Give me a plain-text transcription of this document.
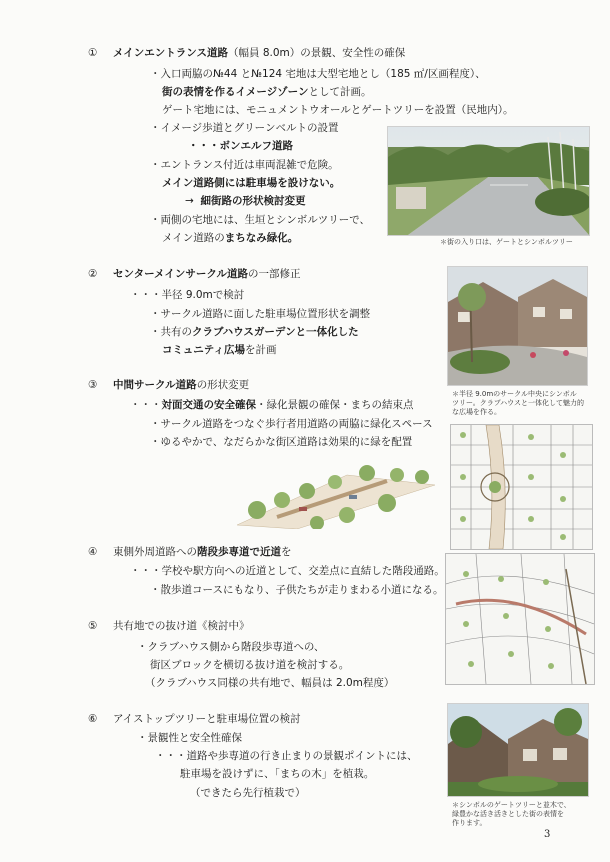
① メインエントランス道路（幅員 8.0m）の景観、安全性の確保
・入口両脇の№44 と№124 宅地は大型宅地とし（185 ㎡/区画程度）、
街の表情を作るイメージゾーンとして計画。
ゲート宅地には、モニュメントウオールとゲートツリーを設置（民地内）。
・イメージ歩道とグリーンベルトの設置
・・・ボンエルフ道路
・エントランス付近は車両混雑で危険。
メイン道路側には駐車場を設けない。
→ 細街路の形状検討変更
・両側の宅地には、生垣とシンボルツリーで、
メイン道路のまちなみ緑化。	＊街の入り口は、ゲートとシンボルツリー
② センターメインサークル道路の一部修正
・・・半径 9.0mで検討
・サークル道路に面した駐車場位置形状を調整
・共有のクラブハウスガーデンと一体化した
コミュニティ広場を計画
＊半径 9.0mのサークル中央にシンボル
ツリー。クラブハウスと一体化して魅力的
な広場を作る。
③ 中間サークル道路の形状変更
・・・対面交通の安全確保・緑化景観の確保・まちの結束点
・サークル道路をつなぐ歩行者用道路の両脇に緑化スペース
・ゆるやかで、なだらかな街区道路は効果的に緑を配置
④ 東側外周道路への階段歩専道で近道を
・・・学校や駅方向への近道として、交差点に直結した階段通路。
・散歩道コースにもなり、子供たちが走りまわる小道になる。
⑤ 共有地での抜け道《検討中》
・クラブハウス側から階段歩専道への、
街区ブロックを横切る抜け道を検討する。
（クラブハウス同様の共有地で、幅員は 2.0m程度）
⑥ アイストップツリーと駐車場位置の検討
・景観性と安全性確保
・・・道路や歩専道の行き止まりの景観ポイントには、
駐車場を設けずに、「まちの木」を植栽。
（できたら先行植栽で）
＊シンボルのゲートツリーと並木で、
緑豊かな活き活きとした街の表情を
作ります。
3
